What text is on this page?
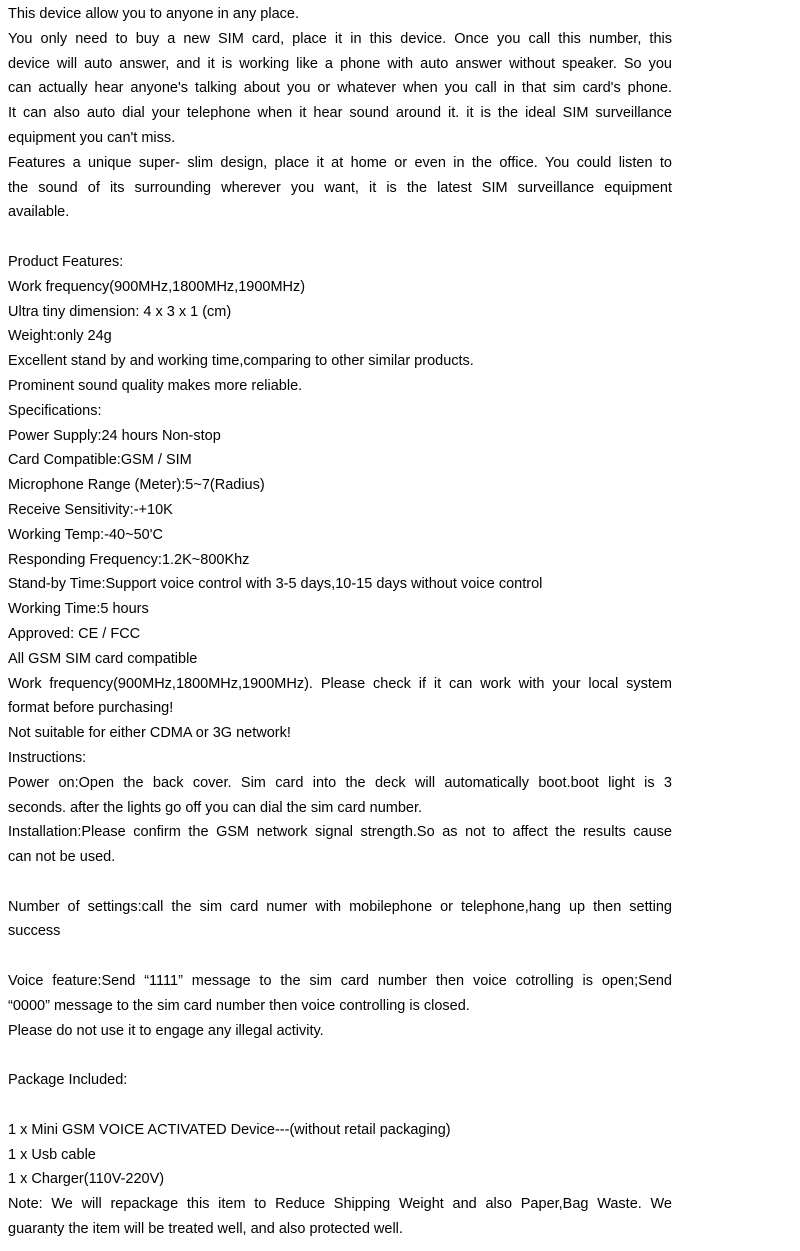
This device allow you to anyone in any place.
You only need to buy a new SIM card, place it in this device. Once you call this number, this
device will auto answer, and it is working like a phone with auto answer without speaker. So you
can actually hear anyone's talking about you or whatever when you call in that sim card's phone.
It can also auto dial your telephone when it hear sound around it. it is the ideal SIM surveillance
equipment you can't miss.
Features a unique super- slim design, place it at home or even in the office. You could listen to
the sound of its surrounding wherever you want, it is the latest SIM surveillance equipment
available.
Product Features:
Work frequency(900MHz,1800MHz,1900MHz)
Ultra tiny dimension: 4 x 3 x 1 (cm)
Weight:only 24g
Excellent stand by and working time,comparing to other similar products.
Prominent sound quality makes more reliable.
Specifications:
Power Supply:24 hours Non-stop
Card Compatible:GSM / SIM
Microphone Range (Meter):5~7(Radius)
Receive Sensitivity:-+10K
Working Temp:-40~50'C
Responding Frequency:1.2K~800Khz
Stand-by Time:Support voice control with 3-5 days,10-15 days without voice control
Working Time:5 hours
Approved: CE / FCC
All GSM SIM card compatible
Work frequency(900MHz,1800MHz,1900MHz). Please check if it can work with your local system
format before purchasing!
Not suitable for either CDMA or 3G network!
Instructions:
Power on:Open the back cover. Sim card into the deck will automatically boot.boot light is 3
seconds. after the lights go off you can dial the sim card number.
Installation:Please confirm the GSM network signal strength.So as not to affect the results cause
can not be used.
Number of settings:call the sim card numer with mobilephone or telephone,hang up then setting
success
Voice feature:Send “1111” message to the sim card number then voice cotrolling is open;Send
“0000” message to the sim card number then voice controlling is closed.
Please do not use it to engage any illegal activity.
Package Included:
1 x Mini GSM VOICE ACTIVATED Device---(without retail packaging)
1 x Usb cable
1 x Charger(110V-220V)
Note: We will repackage this item to Reduce Shipping Weight and also Paper,Bag Waste. We
guaranty the item will be treated well, and also protected well.
